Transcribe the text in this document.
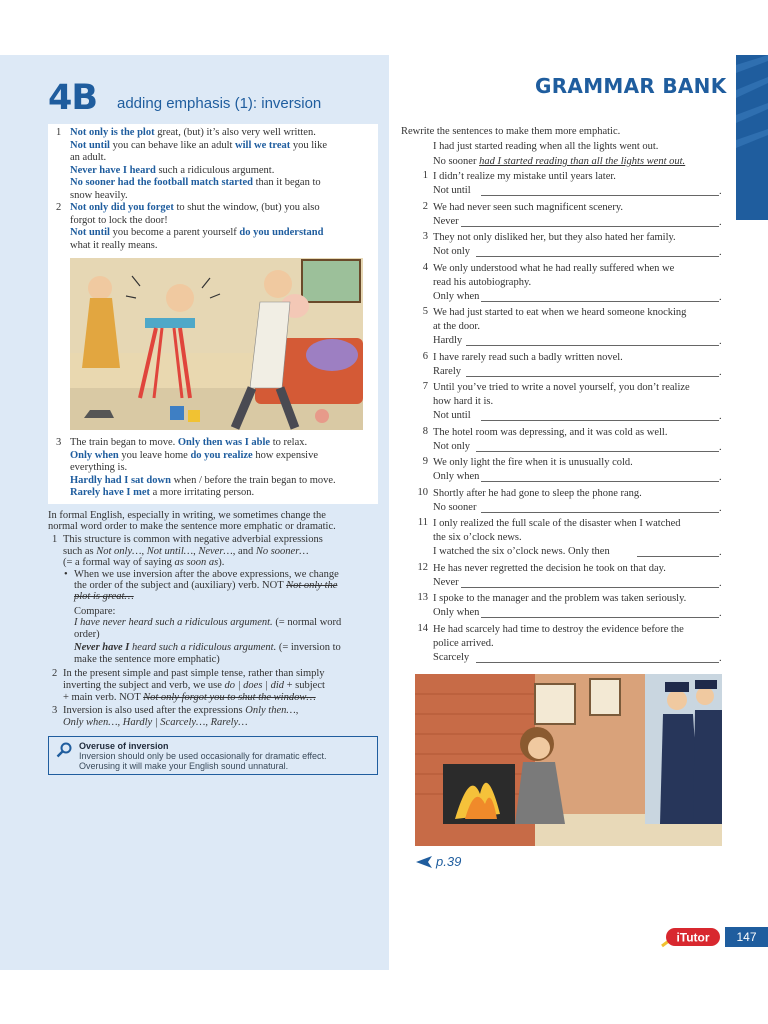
4B adding emphasis (1): inversion
1 Not only is the plot great, (but) it’s also very well written.
Not until you can behave like an adult will we treat you like
an adult.
Never have I heard such a ridiculous argument.
No sooner had the football match started than it began to
snow heavily.
2 Not only did you forget to shut the window, (but) you also
forgot to lock the door!
Not until you become a parent yourself do you understand
what it really means.
3 The train began to move. Only then was I able to relax.
Only when you leave home do you realize how expensive
everything is.
Hardly had I sat down when / before the train began to move.
Rarely have I met a more irritating person.
In formal English, especially in writing, we sometimes change the
normal word order to make the sentence more emphatic or dramatic.
1 This structure is common with negative adverbial expressions
such as Not only…, Not until…, Never…, and No sooner…
(= a formal way of saying as soon as).
• When we use inversion after the above expressions, we change
the order of the subject and (auxiliary) verb. NOT Not only the
plot is great…
Compare:
I have never heard such a ridiculous argument. (= normal word
order)
Never have I heard such a ridiculous argument. (= inversion to
make the sentence more emphatic)
2 In the present simple and past simple tense, rather than simply
inverting the subject and verb, we use do | does | did + subject
+ main verb. NOT Not only forgot you to shut the window…
3 Inversion is also used after the expressions Only then…,
Only when…, Hardly | Scarcely…, Rarely…
Overuse of inversion
Inversion should only be used occasionally for dramatic effect.
Overusing it will make your English sound unnatural.
GRAMMAR BANK
Rewrite the sentences to make them more emphatic.
I had just started reading when all the lights went out.
No sooner had I started reading than all the lights went out.
1 I didn’t realize my mistake until years later.
Not until	.
2 We had never seen such magnificent scenery.
Never	.
3 They not only disliked her, but they also hated her family.
Not only	.
4 We only understood what he had really suffered when we
read his autobiography.
Only when	.
5 We had just started to eat when we heard someone knocking
at the door.
Hardly	.
6 I have rarely read such a badly written novel.
Rarely	.
7 Until you’ve tried to write a novel yourself, you don’t realize
how hard it is.
Not until	.
8 The hotel room was depressing, and it was cold as well.
Not only	.
9 We only light the fire when it is unusually cold.
Only when	.
10 Shortly after he had gone to sleep the phone rang.
No sooner	.
11 I only realized the full scale of the disaster when I watched
the six o’clock news.
I watched the six o’clock news. Only then	.
12 He has never regretted the decision he took on that day.
Never	.
13 I spoke to the manager and the problem was taken seriously.
Only when	.
14 He had scarcely had time to destroy the evidence before the
police arrived.
Scarcely	.
p.39
iTutor	147
